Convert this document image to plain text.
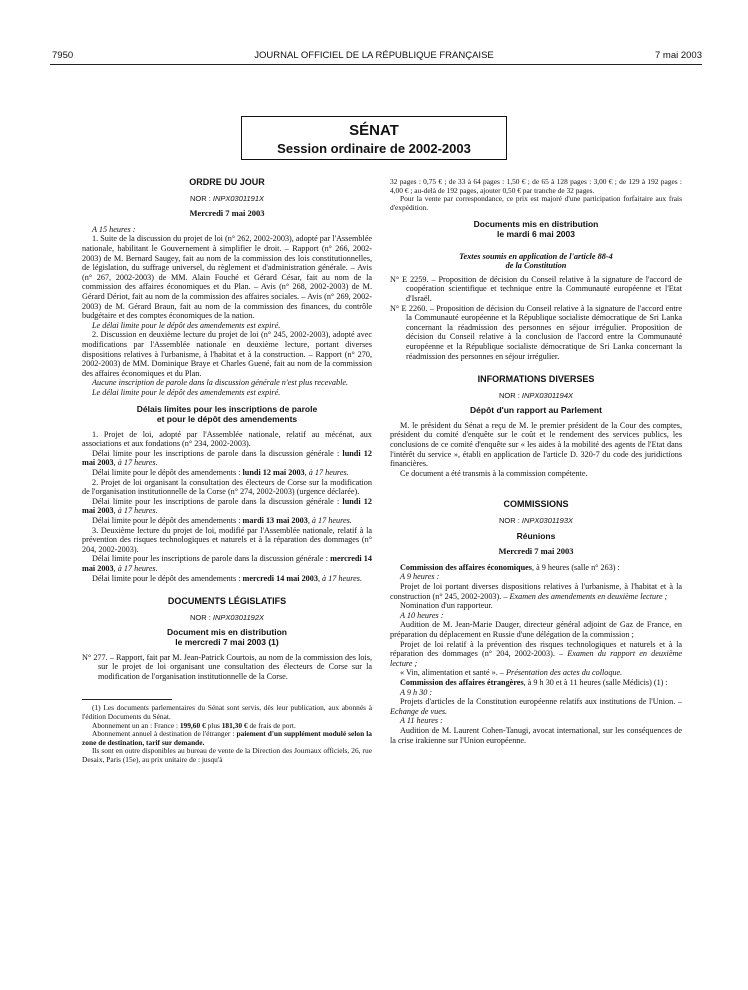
7950	JOURNAL OFFICIEL DE LA RÉPUBLIQUE FRANÇAISE	7 mai 2003
SÉNAT
Session ordinaire de 2002-2003
ORDRE DU JOUR
NOR : INPX0301191X
Mercredi 7 mai 2003

A 15 heures :

1. Suite de la discussion du projet de loi (n° 262, 2002-2003), adopté par l'Assemblée nationale, habilitant le Gouvernement à simplifier le droit. – Rapport (n° 266, 2002-2003) de M. Bernard Saugey, fait au nom de la commission des lois constitutionnelles, de législation, du suffrage universel, du règlement et d'administration générale. – Avis (n° 267, 2002-2003) de MM. Alain Fouché et Gérard César, fait au nom de la commission des affaires économiques et du Plan. – Avis (n° 268, 2002-2003) de M. Gérard Dériot, fait au nom de la commission des affaires sociales. – Avis (n° 269, 2002-2003) de M. Gérard Braun, fait au nom de la commission des finances, du contrôle budgétaire et des comptes économiques de la nation.

Le délai limite pour le dépôt des amendements est expiré.

2. Discussion en deuxième lecture du projet de loi (n° 245, 2002-2003), adopté avec modifications par l'Assemblée nationale en deuxième lecture, portant diverses dispositions relatives à l'urbanisme, à l'habitat et à la construction. – Rapport (n° 270, 2002-2003) de MM. Dominique Braye et Charles Guené, fait au nom de la commission des affaires économiques et du Plan.

Aucune inscription de parole dans la discussion générale n'est plus recevable.

Le délai limite pour le dépôt des amendements est expiré.

Délais limites pour les inscriptions de parole
et pour le dépôt des amendements

1. Projet de loi, adopté par l'Assemblée nationale, relatif au mécénat, aux associations et aux fondations (n° 234, 2002-2003).

Délai limite pour les inscriptions de parole dans la discussion générale : lundi 12 mai 2003, à 17 heures.

Délai limite pour le dépôt des amendements : lundi 12 mai 2003, à 17 heures.

2. Projet de loi organisant la consultation des électeurs de Corse sur la modification de l'organisation institutionnelle de la Corse (n° 274, 2002-2003) (urgence déclarée).

Délai limite pour les inscriptions de parole dans la discussion générale : lundi 12 mai 2003, à 17 heures.

Délai limite pour le dépôt des amendements : mardi 13 mai 2003, à 17 heures.

3. Deuxième lecture du projet de loi, modifié par l'Assemblée nationale, relatif à la prévention des risques technologiques et naturels et à la réparation des dommages (n° 204, 2002-2003).

Délai limite pour les inscriptions de parole dans la discussion générale : mercredi 14 mai 2003, à 17 heures.

Délai limite pour le dépôt des amendements : mercredi 14 mai 2003, à 17 heures.

DOCUMENTS LÉGISLATIFS
NOR : INPX0301192X
Document mis en distribution
le mercredi 7 mai 2003 (1)

N° 277. – Rapport, fait par M. Jean-Patrick Courtois, au nom de la commission des lois, sur le projet de loi organisant une consultation des électeurs de Corse sur la modification de l'organisation institutionnelle de la Corse.

(1) Les documents parlementaires du Sénat sont servis, dès leur publication, aux abonnés à l'édition Documents du Sénat.

Abonnement un an : France : 199,60 € plus 181,30 € de frais de port.

Abonnement annuel à destination de l'étranger : paiement d'un supplément modulé selon la zone de destination, tarif sur demande.

Ils sont en outre disponibles au bureau de vente de la Direction des Journaux officiels, 26, rue Desaix, Paris (15e), au prix unitaire de : jusqu'à

32 pages : 0,75 € ; de 33 à 64 pages : 1,50 € ; de 65 à 128 pages : 3,00 € ; de 129 à 192 pages : 4,00 € ; au-delà de 192 pages, ajouter 0,50 € par tranche de 32 pages.

Pour la vente par correspondance, ce prix est majoré d'une participation forfaitaire aux frais d'expédition.

Documents mis en distribution
le mardi 6 mai 2003
Textes soumis en application de l'article 88-4
de la Constitution

N° E 2259. – Proposition de décision du Conseil relative à la signature de l'accord de coopération scientifique et technique entre la Communauté européenne et l'Etat d'Israël.

N° E 2260. – Proposition de décision du Conseil relative à la signature de l'accord entre la Communauté européenne et la République socialiste démocratique de Sri Lanka concernant la réadmission des personnes en séjour irrégulier. Proposition de décision du Conseil relative à la conclusion de l'accord entre la Communauté européenne et la République socialiste démocratique de Sri Lanka concernant la réadmission des personnes en séjour irrégulier.

INFORMATIONS DIVERSES
NOR : INPX0301194X
Dépôt d'un rapport au Parlement

M. le président du Sénat a reçu de M. le premier président de la Cour des comptes, président du comité d'enquête sur le coût et le rendement des services publics, les conclusions de ce comité d'enquête sur « les aides à la mobilité des agents de l'Etat dans l'intérêt du service », établi en application de l'article D. 320-7 du code des juridictions financières.

Ce document a été transmis à la commission compétente.

COMMISSIONS
NOR : INPX0301193X
Réunions
Mercredi 7 mai 2003

Commission des affaires économiques, à 9 heures (salle n° 263) :

A 9 heures :

Projet de loi portant diverses dispositions relatives à l'urbanisme, à l'habitat et à la construction (n° 245, 2002-2003). – Examen des amendements en deuxième lecture ;

Nomination d'un rapporteur.

A 10 heures :

Audition de M. Jean-Marie Dauger, directeur général adjoint de Gaz de France, en préparation du déplacement en Russie d'une délégation de la commission ;

Projet de loi relatif à la prévention des risques technologiques et naturels et à la réparation des dommages (n° 204, 2002-2003). – Examen du rapport en deuxième lecture ;

« Vin, alimentation et santé ». – Présentation des actes du colloque.

Commission des affaires étrangères, à 9 h 30 et à 11 heures (salle Médicis) (1) :

A 9 h 30 :

Projets d'articles de la Constitution européenne relatifs aux institutions de l'Union. – Echange de vues.

A 11 heures :

Audition de M. Laurent Cohen-Tanugi, avocat international, sur les conséquences de la crise irakienne sur l'Union européenne.
